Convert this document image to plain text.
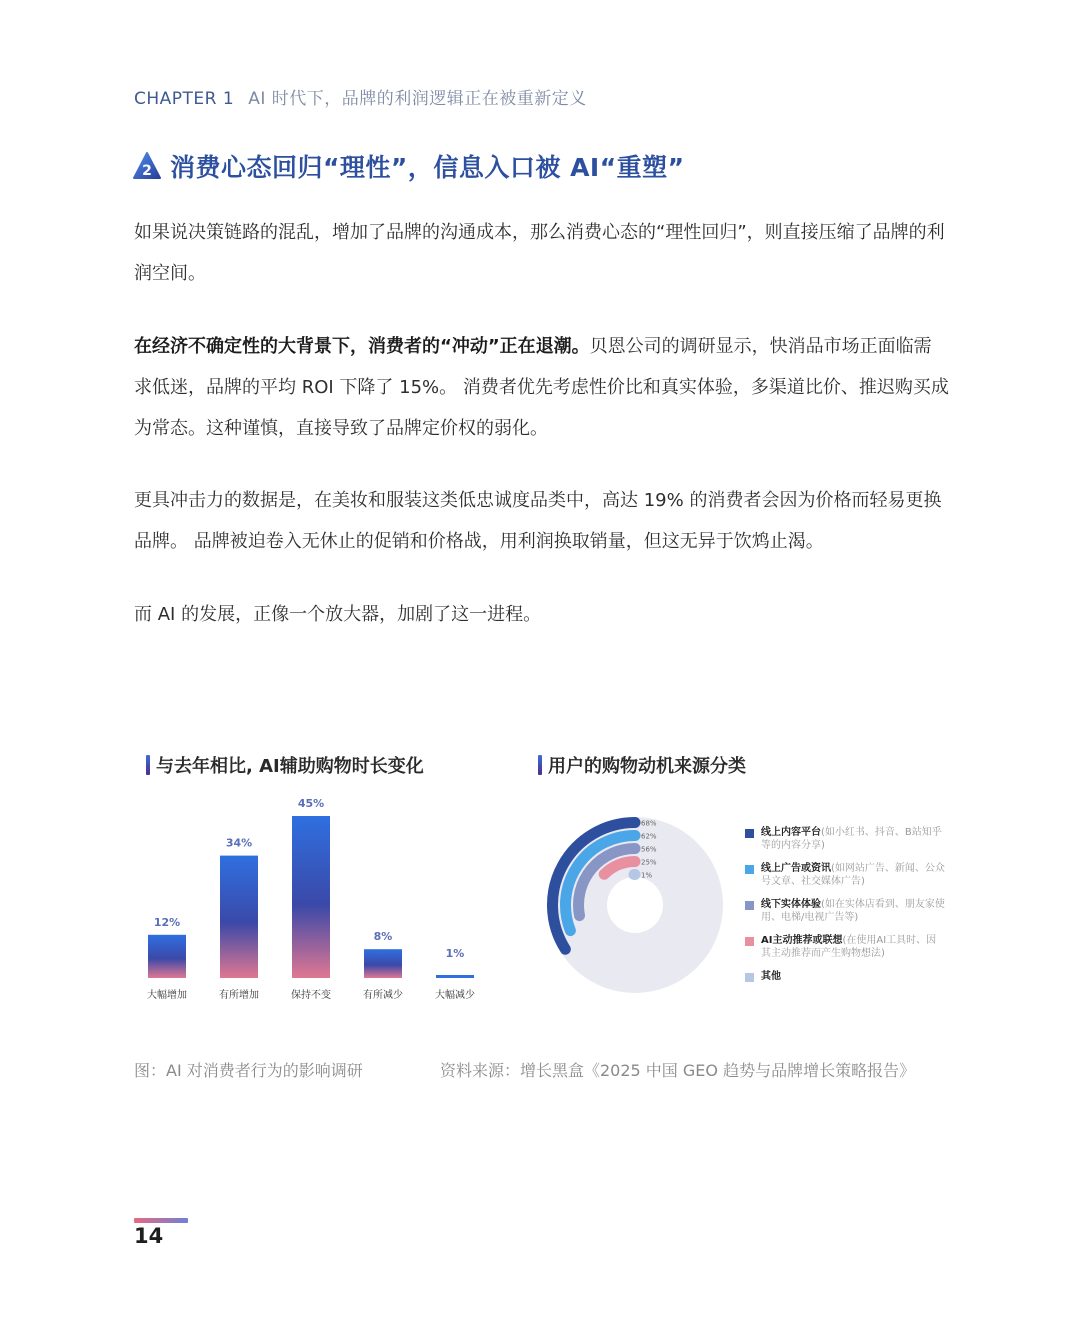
CHAPTER 1 AI 时代下，品牌的利润逻辑正在被重新定义
2 消费心态回归“理性”，信息入口被 AI“重塑”

如果说决策链路的混乱，增加了品牌的沟通成本，那么消费心态的“理性回归”，则直接压缩了品牌的利润空间。

在经济不确定性的大背景下，消费者的“冲动”正在退潮。贝恩公司的调研显示，快消品市场正面临需求低迷，品牌的平均 ROI 下降了 15%。 消费者优先考虑性价比和真实体验，多渠道比价、推迟购买成为常态。这种谨慎，直接导致了品牌定价权的弱化。

更具冲击力的数据是，在美妆和服装这类低忠诚度品类中，高达 19% 的消费者会因为价格而轻易更换品牌。 品牌被迫卷入无休止的促销和价格战，用利润换取销量，但这无异于饮鸩止渴。

而 AI 的发展，正像一个放大器，加剧了这一进程。

与去年相比, AI辅助购物时长变化
12%
大幅增加
34%
有所增加
45%
保持不变
8%
有所减少
1%
大幅减少
用户的购物动机来源分类
68%
62%
56%
25%
1%
线上内容平台(如小红书、抖音、B站知乎等的内容分享)
线上广告或资讯(如网站广告、新闻、公众号文章、社交媒体广告)
线下实体体验(如在实体店看到、朋友家使用、电梯/电视广告等)
AI主动推荐或联想(在使用AI工具时、因其主动推荐而产生购物想法)
其他
图：AI 对消费者行为的影响调研	资料来源：增长黑盒《2025 中国 GEO 趋势与品牌增长策略报告》
14
